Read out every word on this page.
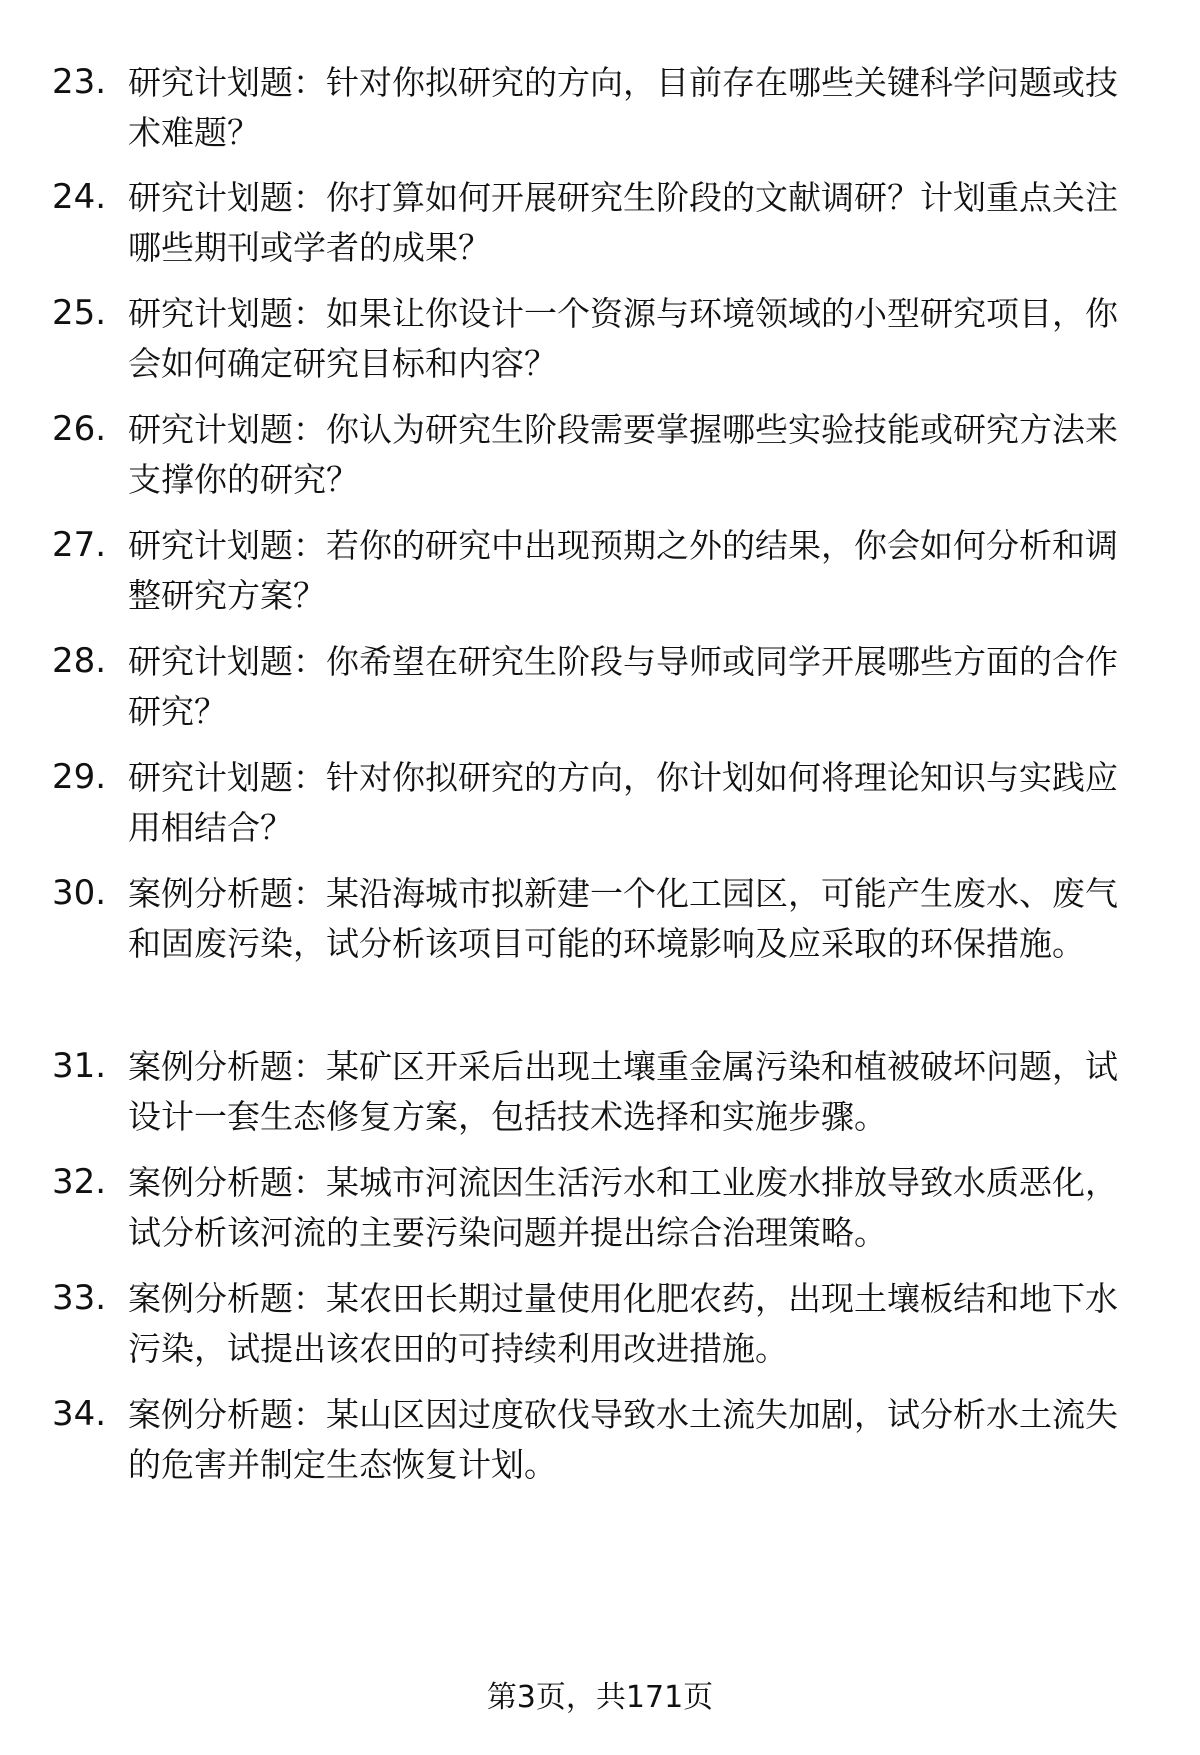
23. 研究计划题：针对你拟研究的方向，目前存在哪些关键科学问题或技术难题？
24. 研究计划题：你打算如何开展研究生阶段的文献调研？计划重点关注哪些期刊或学者的成果？
25. 研究计划题：如果让你设计一个资源与环境领域的小型研究项目，你会如何确定研究目标和内容？
26. 研究计划题：你认为研究生阶段需要掌握哪些实验技能或研究方法来支撑你的研究？
27. 研究计划题：若你的研究中出现预期之外的结果，你会如何分析和调整研究方案？
28. 研究计划题：你希望在研究生阶段与导师或同学开展哪些方面的合作研究？
29. 研究计划题：针对你拟研究的方向，你计划如何将理论知识与实践应用相结合？
30. 案例分析题：某沿海城市拟新建一个化工园区，可能产生废水、废气和固废污染，试分析该项目可能的环境影响及应采取的环保措施。
31. 案例分析题：某矿区开采后出现土壤重金属污染和植被破坏问题，试设计一套生态修复方案，包括技术选择和实施步骤。
32. 案例分析题：某城市河流因生活污水和工业废水排放导致水质恶化，试分析该河流的主要污染问题并提出综合治理策略。
33. 案例分析题：某农田长期过量使用化肥农药，出现土壤板结和地下水污染，试提出该农田的可持续利用改进措施。
34. 案例分析题：某山区因过度砍伐导致水土流失加剧，试分析水土流失的危害并制定生态恢复计划。
第3页，共171页
